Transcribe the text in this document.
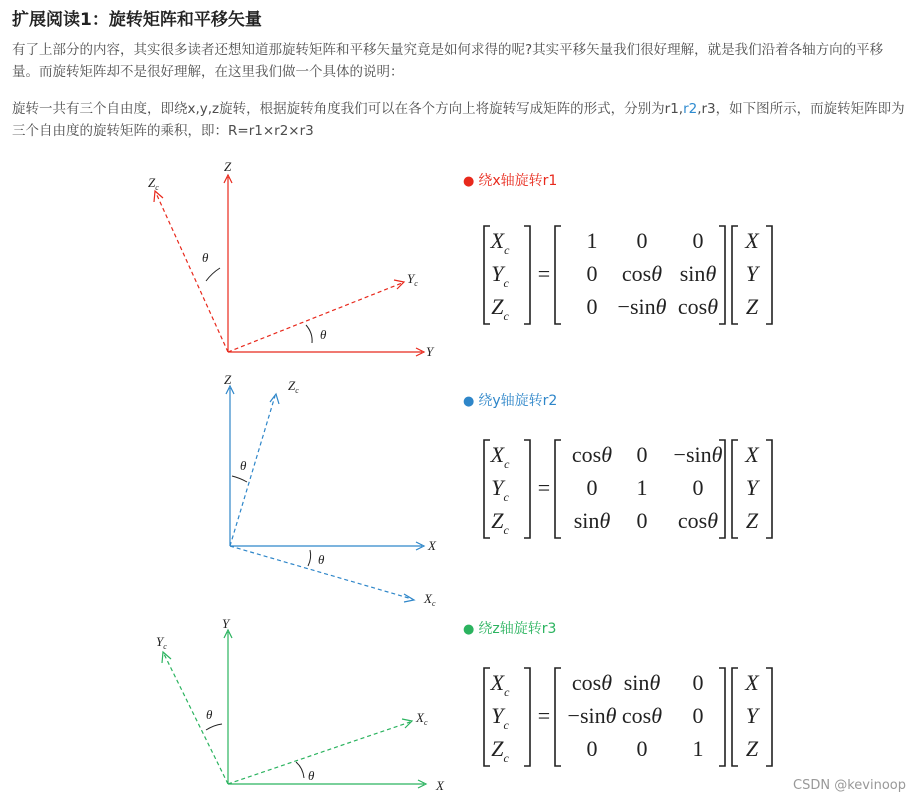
扩展阅读1：旋转矩阵和平移矢量

有了上部分的内容，其实很多读者还想知道那旋转矩阵和平移矢量究竟是如何求得的呢?其实平移矢量我们很好理解，就是我们沿着各轴方向的平移量。而旋转矩阵却不是很好理解，在这里我们做一个具体的说明：

旋转一共有三个自由度，即绕x,y,z旋转，根据旋转角度我们可以在各个方向上将旋转写成矩阵的形式，分别为r1,r2,r3，如下图所示，而旋转矩阵即为三个自由度的旋转矩阵的乘积，即：R=r1×r2×r3

Z
Y
$Z_c$
$Y_c$
θ
θ
Z
X
$Z_c$
$X_c$
θ
θ
Y
X
$Y_c$
$X_c$
θ
θ
● 绕x轴旋转r1
● 绕y轴旋转r2
● 绕z轴旋转r3
$X_c$
$Y_c$
$Z_c$
=
1 0 0
0 cosθ sinθ
0 −sinθ cosθ
X
Y
Z
$X_c$
$Y_c$
$Z_c$
=
cosθ 0 −sinθ
0 1 0
sinθ 0 cosθ
X
Y
Z
$X_c$
$Y_c$
$Z_c$
=
cosθ sinθ 0
−sinθ cosθ 0
0 0 1
X
Y
Z
CSDN @kevinoop
